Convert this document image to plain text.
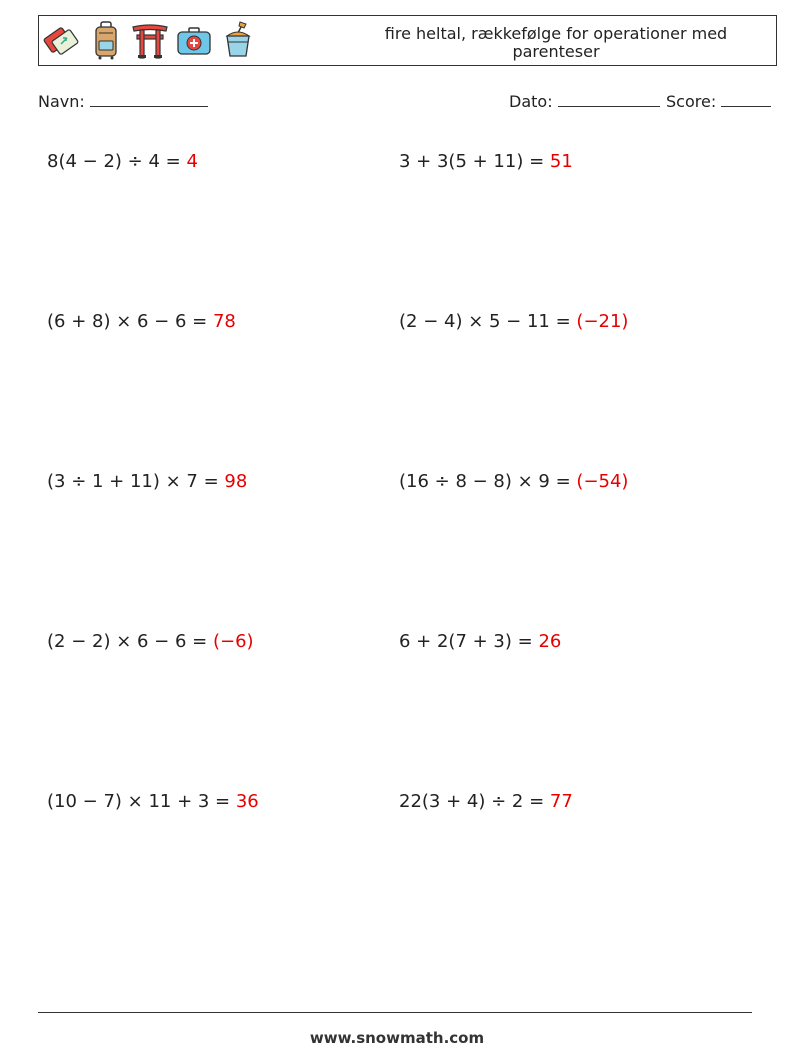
fire heltal, rækkefølge for operationer med parenteser
Navn:	Dato:	Score:
8(4 − 2) ÷ 4 = 4	3 + 3(5 + 11) = 51
(6 + 8) × 6 − 6 = 78	(2 − 4) × 5 − 11 = (−21)
(3 ÷ 1 + 11) × 7 = 98	(16 ÷ 8 − 8) × 9 = (−54)
(2 − 2) × 6 − 6 = (−6)	6 + 2(7 + 3) = 26
(10 − 7) × 11 + 3 = 36	22(3 + 4) ÷ 2 = 77
www.snowmath.com
